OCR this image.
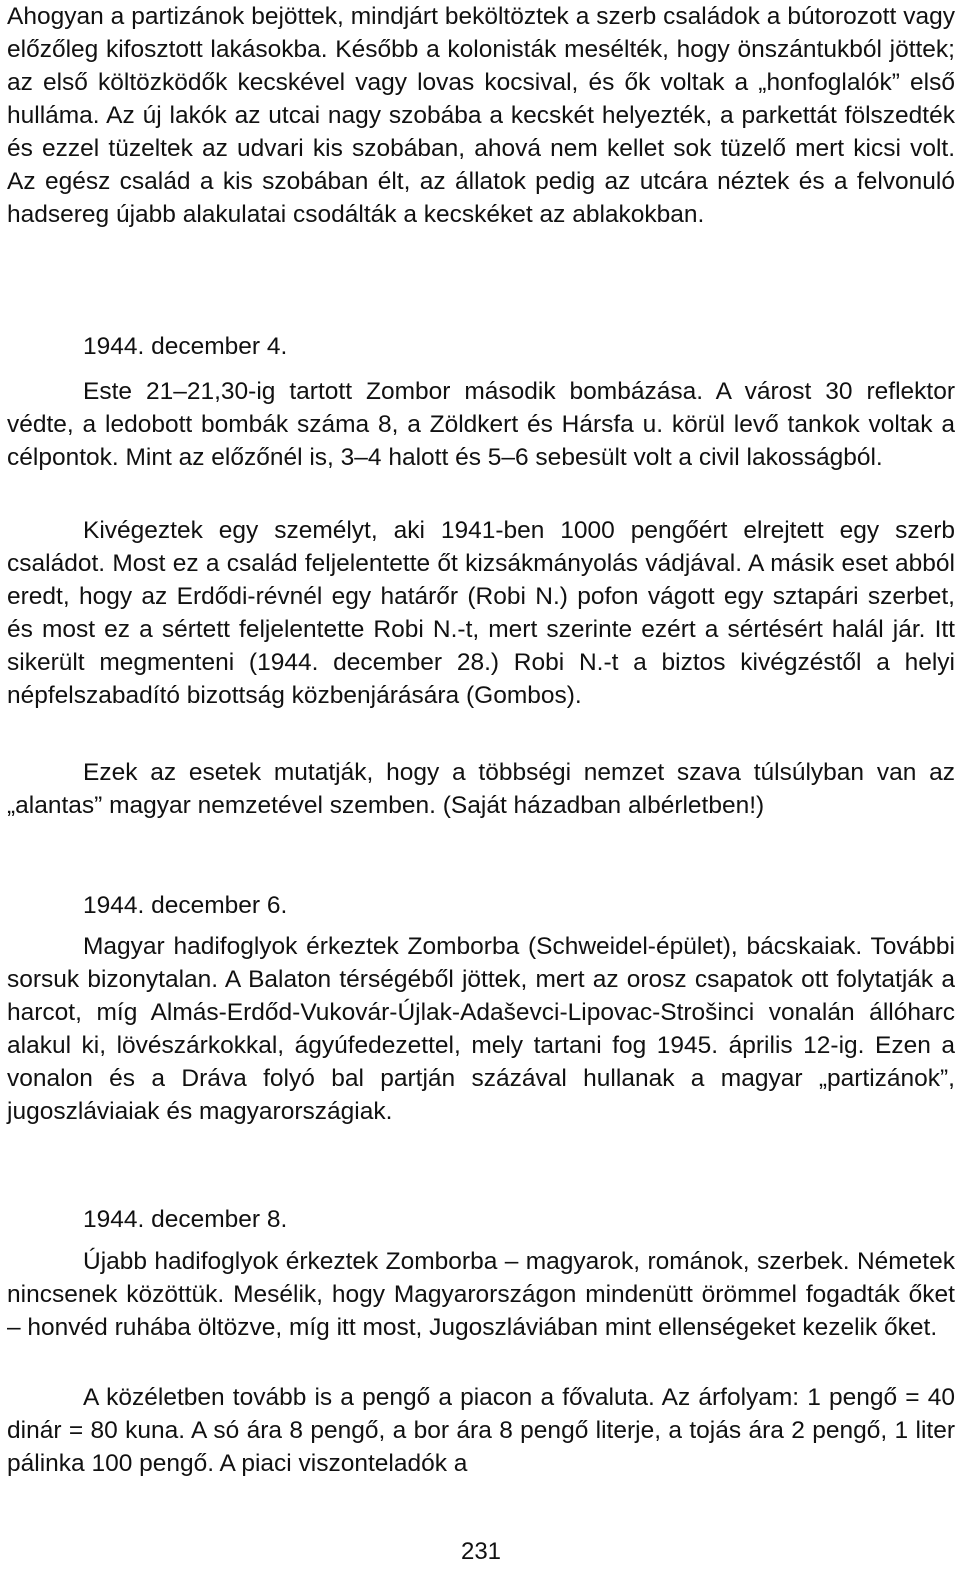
Ahogyan a partizánok bejöttek, mindjárt beköltöztek a szerb családok a bútorozott vagy előzőleg kifosztott lakásokba. Később a kolonisták mesélték, hogy önszántukból jöttek; az első költözködők kecskével vagy lovas kocsival, és ők voltak a „honfoglalók” első hulláma. Az új lakók az utcai nagy szobába a kecskét helyezték, a parkettát fölszedték és ezzel tüzeltek az udvari kis szobában, ahová nem kellet sok tüzelő mert kicsi volt. Az egész család a kis szobában élt, az állatok pedig az utcára néztek és a felvonuló hadsereg újabb alakulatai csodálták a kecskéket az ablakokban.

1944. december 4.

Este 21–21,30-ig tartott Zombor második bombázása. A várost 30 reflektor védte, a ledobott bombák száma 8, a Zöldkert és Hársfa u. körül levő tankok voltak a célpontok. Mint az előzőnél is, 3–4 halott és 5–6 sebesült volt a civil lakosságból.

Kivégeztek egy személyt, aki 1941-ben 1000 pengőért elrejtett egy szerb családot. Most ez a család feljelentette őt kizsákmányolás vádjával. A másik eset abból eredt, hogy az Erdődi-révnél egy határőr (Robi N.) pofon vágott egy sztapári szerbet, és most ez a sértett feljelentette Robi N.-t, mert szerinte ezért a sértésért halál jár. Itt sikerült megmenteni (1944. december 28.) Robi N.-t a biztos kivégzéstől a helyi népfelszabadító bizottság közbenjárására (Gombos).

Ezek az esetek mutatják, hogy a többségi nemzet szava túlsúlyban van az „alantas” magyar nemzetével szemben. (Saját házadban albérletben!)

1944. december 6.

Magyar hadifoglyok érkeztek Zomborba (Schweidel-épület), bácskaiak. További sorsuk bizonytalan. A Balaton térségéből jöttek, mert az orosz csapatok ott folytatják a harcot, míg Almás-Erdőd-Vukovár-Újlak-Adaševci-Lipovac-Strošinci vonalán állóharc alakul ki, lövészárkokkal, ágyúfedezettel, mely tartani fog 1945. április 12-ig. Ezen a vonalon és a Dráva folyó bal partján százával hullanak a magyar „partizánok”, jugoszláviaiak és magyarországiak.

1944. december 8.

Újabb hadifoglyok érkeztek Zomborba – magyarok, románok, szerbek. Németek nincsenek közöttük. Mesélik, hogy Magyarországon mindenütt örömmel fogadták őket – honvéd ruhába öltözve, míg itt most, Jugoszláviában mint ellenségeket kezelik őket.

A közéletben tovább is a pengő a piacon a fővaluta. Az árfolyam: 1 pengő = 40 dinár = 80 kuna. A só ára 8 pengő, a bor ára 8 pengő literje, a tojás ára 2 pengő, 1 liter pálinka 100 pengő. A piaci viszonteladók a

231
